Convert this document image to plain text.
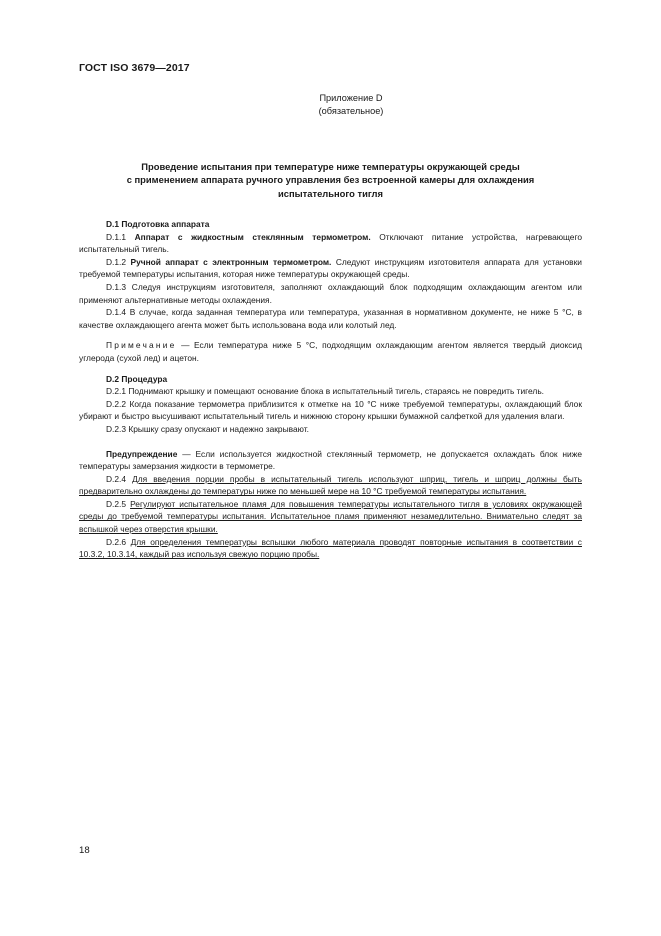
ГОСТ ISO 3679—2017
Приложение D
(обязательное)
Проведение испытания при температуре ниже температуры окружающей среды
с применением аппарата ручного управления без встроенной камеры для охлаждения
испытательного тигля

D.1 Подготовка аппарата

D.1.1 Аппарат с жидкостным стеклянным термометром. Отключают питание устройства, нагревающего испытательный тигель.

D.1.2 Ручной аппарат с электронным термометром. Следуют инструкциям изготовителя аппарата для установки требуемой температуры испытания, которая ниже температуры окружающей среды.

D.1.3 Следуя инструкциям изготовителя, заполняют охлаждающий блок подходящим охлаждающим агентом или применяют альтернативные методы охлаждения.

D.1.4 В случае, когда заданная температура или температура, указанная в нормативном документе, не ниже 5 °С, в качестве охлаждающего агента может быть использована вода или колотый лед.

Примечание — Если температура ниже 5 °С, подходящим охлаждающим агентом является твердый диоксид углерода (сухой лед) и ацетон.

D.2 Процедура

D.2.1 Поднимают крышку и помещают основание блока в испытательный тигель, стараясь не повредить тигель.

D.2.2 Когда показание термометра приблизится к отметке на 10 °С ниже требуемой температуры, охлаждающий блок убирают и быстро высушивают испытательный тигель и нижнюю сторону крышки бумажной салфеткой для удаления влаги.

D.2.3 Крышку сразу опускают и надежно закрывают.

Предупреждение — Если используется жидкостной стеклянный термометр, не допускается охлаждать блок ниже температуры замерзания жидкости в термометре.

D.2.4 Для введения порции пробы в испытательный тигель используют шприц, тигель и шприц должны быть предварительно охлаждены до температуры ниже по меньшей мере на 10 °С требуемой температуры испытания.

D.2.5 Регулируют испытательное пламя для повышения температуры испытательного тигля в условиях окружающей среды до требуемой температуры испытания. Испытательное пламя применяют незамедлительно. Внимательно следят за вспышкой через отверстия крышки.

D.2.6 Для определения температуры вспышки любого материала проводят повторные испытания в соответствии с 10.3.2, 10.3.14, каждый раз используя свежую порцию пробы.

18
